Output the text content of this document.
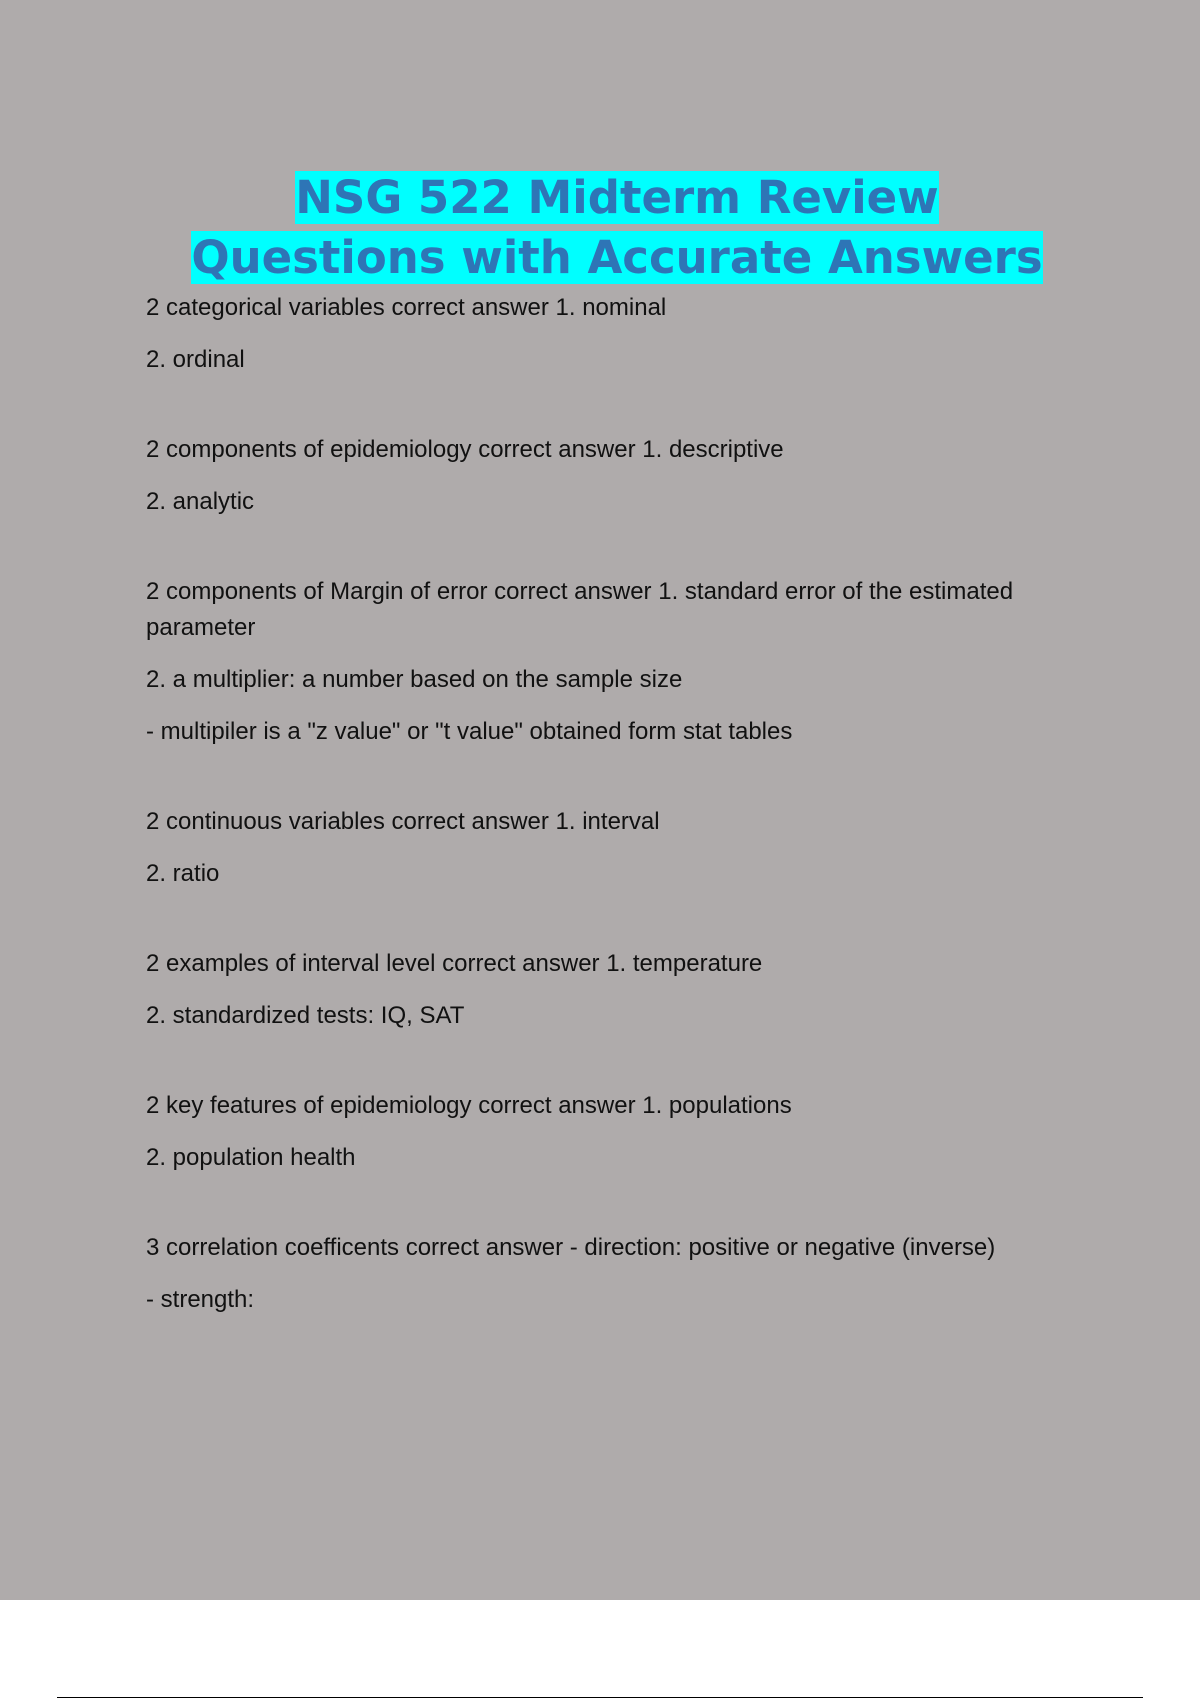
NSG 522 Midterm Review
Questions with Accurate Answers

2 categorical variables correct answer 1. nominal

2. ordinal

2 components of epidemiology correct answer 1. descriptive

2. analytic

2 components of Margin of error correct answer 1. standard error of the estimated parameter

2. a multiplier: a number based on the sample size

- multipiler is a "z value" or "t value" obtained form stat tables

2 continuous variables correct answer 1. interval

2. ratio

2 examples of interval level correct answer 1. temperature

2. standardized tests: IQ, SAT

2 key features of epidemiology correct answer 1. populations

2. population health

3 correlation coefficents correct answer - direction: positive or negative (inverse)

- strength:
